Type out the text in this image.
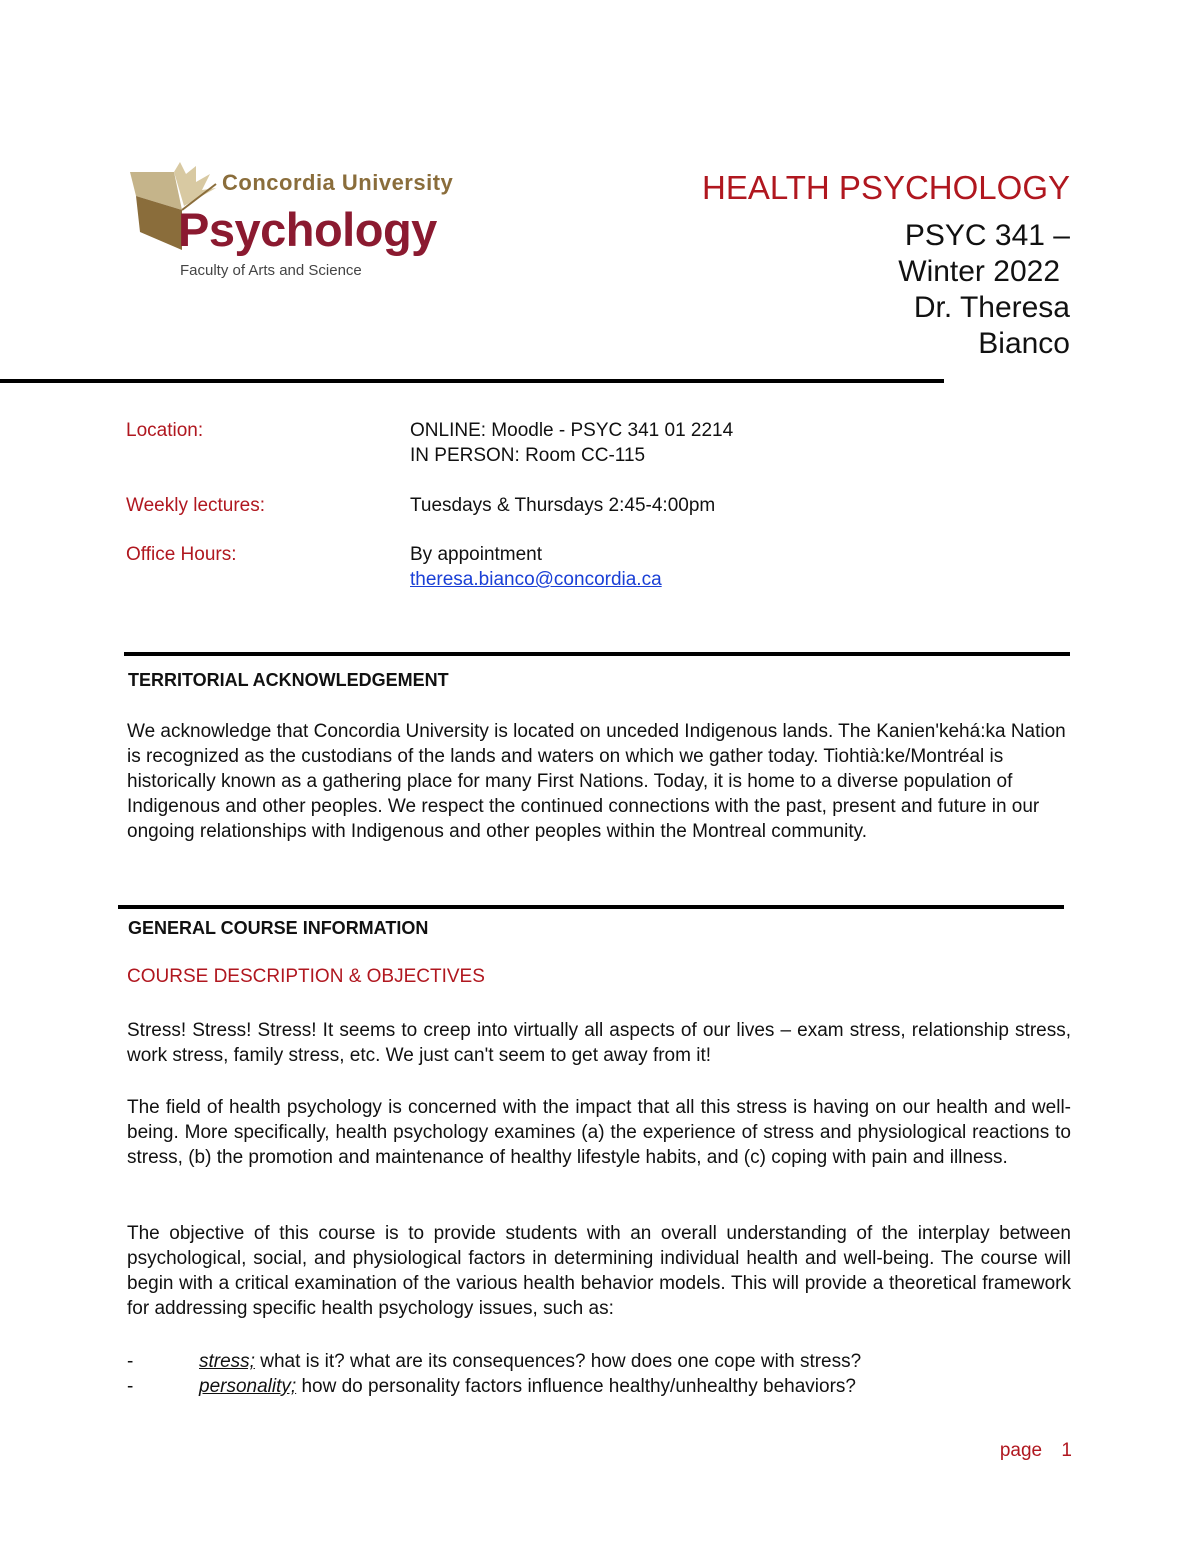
Concordia University
Psychology
Faculty of Arts and Science
HEALTH PSYCHOLOGY
PSYC 341 –
Winter 2022
Dr. Theresa
Bianco
Location:	ONLINE: Moodle - PSYC 341 01 2214
IN PERSON: Room CC-115
Weekly lectures:	Tuesdays & Thursdays 2:45-4:00pm
Office Hours:	By appointment
theresa.bianco@concordia.ca
TERRITORIAL ACKNOWLEDGEMENT
We acknowledge that Concordia University is located on unceded Indigenous lands. The Kanien'kehá:ka Nation is recognized as the custodians of the lands and waters on which we gather today. Tiohtià:ke/Montréal is historically known as a gathering place for many First Nations. Today, it is home to a diverse population of Indigenous and other peoples. We respect the continued connections with the past, present and future in our ongoing relationships with Indigenous and other peoples within the Montreal community.
GENERAL COURSE INFORMATION
COURSE DESCRIPTION & OBJECTIVES
Stress! Stress! Stress! It seems to creep into virtually all aspects of our lives – exam stress, relationship stress, work stress, family stress, etc. We just can't seem to get away from it!
The field of health psychology is concerned with the impact that all this stress is having on our health and well-being. More specifically, health psychology examines (a) the experience of stress and physiological reactions to stress, (b) the promotion and maintenance of healthy lifestyle habits, and (c) coping with pain and illness.
The objective of this course is to provide students with an overall understanding of the interplay between psychological, social, and physiological factors in determining individual health and well-being. The course will begin with a critical examination of the various health behavior models. This will provide a theoretical framework for addressing specific health psychology issues, such as:
-	stress; what is it? what are its consequences? how does one cope with stress?
-	personality; how do personality factors influence healthy/unhealthy behaviors?
page 1
